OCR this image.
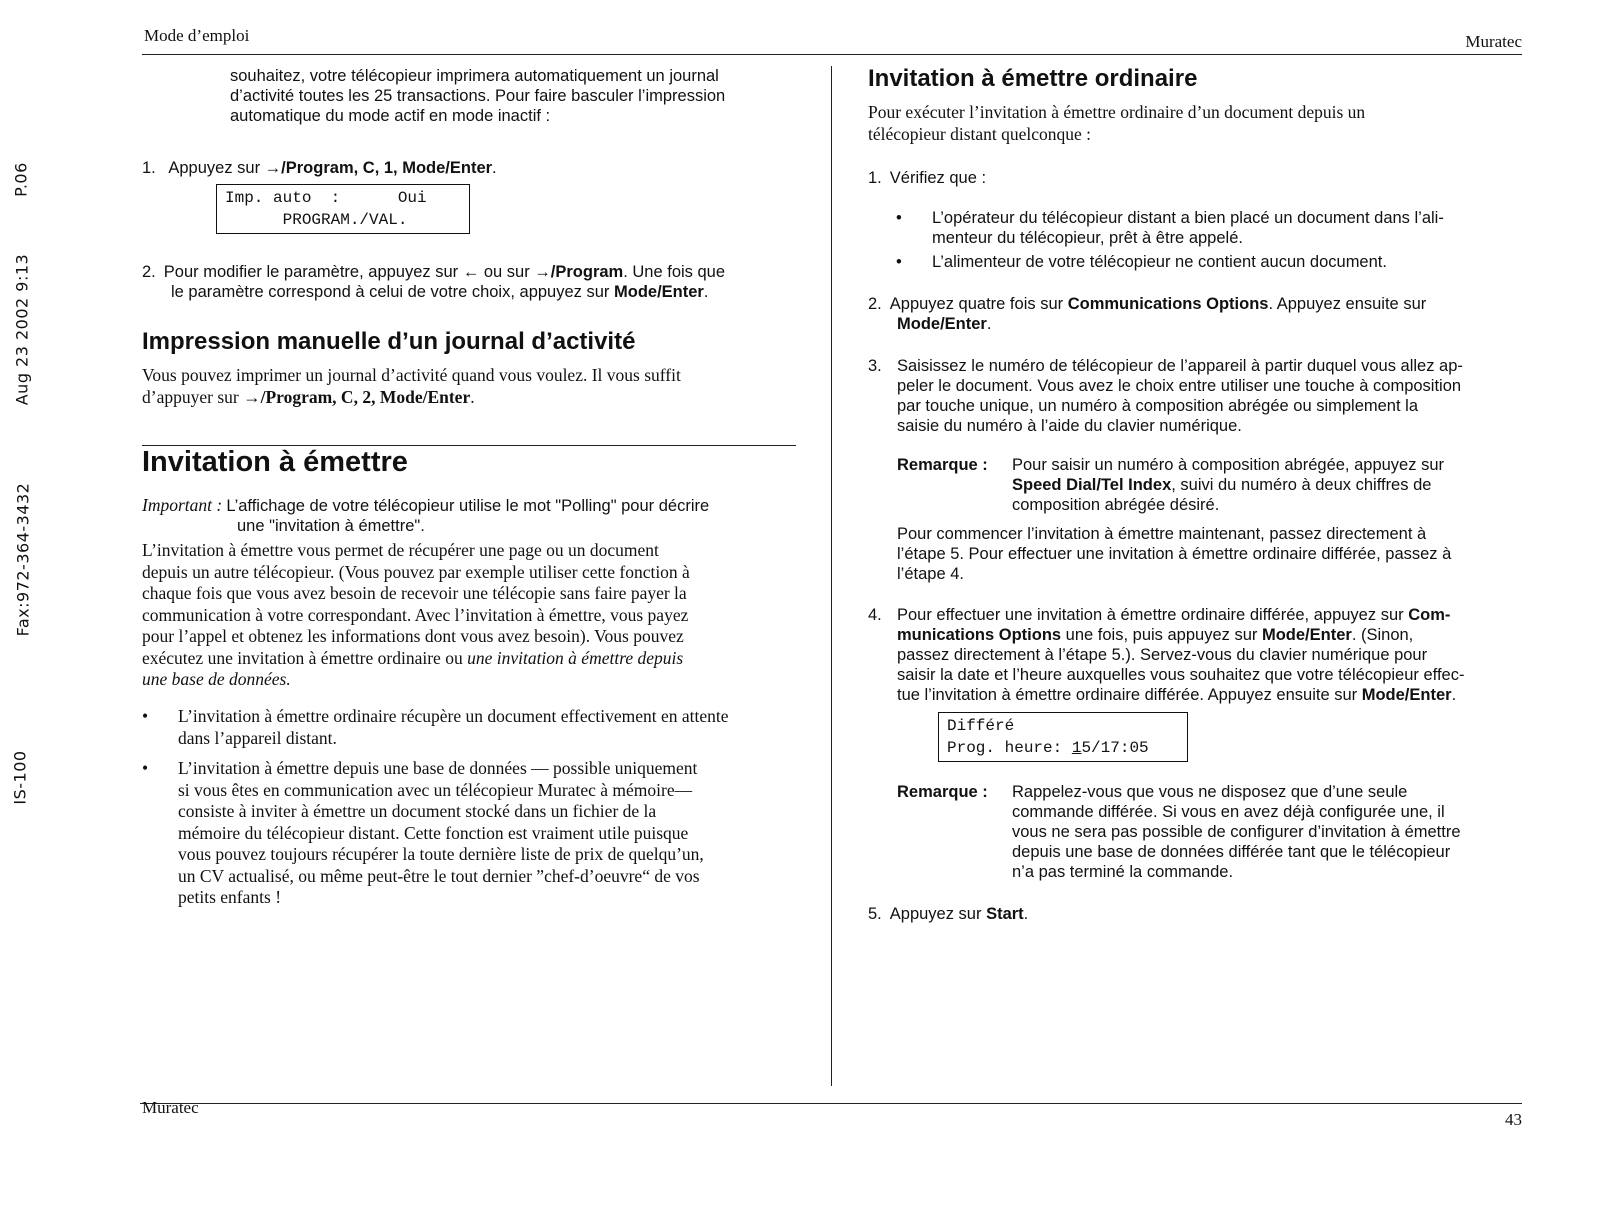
Mode d’emploi	Muratec
Muratec
43
P.06
Aug 23 2002 9:13
Fax:972-364-3432
IS-100
souhaitez, votre télécopieur imprimera automatiquement un journal
d’activité toutes les 25 transactions. Pour faire basculer l’impression
automatique du mode actif en mode inactif :
1. Appuyez sur →/Program, C, 1, Mode/Enter.
Imp. auto  :      Oui
PROGRAM./VAL.
2. Pour modifier le paramètre, appuyez sur ← ou sur →/Program. Une fois que
le paramètre correspond à celui de votre choix, appuyez sur Mode/Enter.
Impression manuelle d’un journal d’activité
Vous pouvez imprimer un journal d’activité quand vous voulez. Il vous suffit
d’appuyer sur →/Program, C, 2, Mode/Enter.
Invitation à émettre
Important : L’affichage de votre télécopieur utilise le mot "Polling" pour décrire
une "invitation à émettre".
L’invitation à émettre vous permet de récupérer une page ou un document
depuis un autre télécopieur. (Vous pouvez par exemple utiliser cette fonction à
chaque fois que vous avez besoin de recevoir une télécopie sans faire payer la
communication à votre correspondant. Avec l’invitation à émettre, vous payez
pour l’appel et obtenez les informations dont vous avez besoin). Vous pouvez
exécutez une invitation à émettre ordinaire ou une invitation à émettre depuis
une base de données.
• L’invitation à émettre ordinaire récupère un document effectivement en attente
dans l’appareil distant.
• L’invitation à émettre depuis une base de données — possible uniquement
si vous êtes en communication avec un télécopieur Muratec à mémoire—
consiste à inviter à émettre un document stocké dans un fichier de la
mémoire du télécopieur distant. Cette fonction est vraiment utile puisque
vous pouvez toujours récupérer la toute dernière liste de prix de quelqu’un,
un CV actualisé, ou même peut-être le tout dernier ”chef-d’oeuvre“ de vos
petits enfants !
Invitation à émettre ordinaire
Pour exécuter l’invitation à émettre ordinaire d’un document depuis un
télécopieur distant quelconque :
1. Vérifiez que :
• L’opérateur du télécopieur distant a bien placé un document dans l’ali-
menteur du télécopieur, prêt à être appelé.
•	L’alimenteur de votre télécopieur ne contient aucun document.
2. Appuyez quatre fois sur Communications Options. Appuyez ensuite sur
Mode/Enter.
3. Saisissez le numéro de télécopieur de l’appareil à partir duquel vous allez ap-
peler le document. Vous avez le choix entre utiliser une touche à composition
par touche unique, un numéro à composition abrégée ou simplement la
saisie du numéro à l’aide du clavier numérique.
Remarque : Pour saisir un numéro à composition abrégée, appuyez sur
Speed Dial/Tel Index, suivi du numéro à deux chiffres de
composition abrégée désiré.
Pour commencer l’invitation à émettre maintenant, passez directement à
l’étape 5. Pour effectuer une invitation à émettre ordinaire différée, passez à
l’étape 4.
4. Pour effectuer une invitation à émettre ordinaire différée, appuyez sur Com-
munications Options une fois, puis appuyez sur Mode/Enter. (Sinon,
passez directement à l’étape 5.). Servez-vous du clavier numérique pour
saisir la date et l’heure auxquelles vous souhaitez que votre télécopieur effec-
tue l’invitation à émettre ordinaire différée. Appuyez ensuite sur Mode/Enter.
Différé
Prog. heure: 15/17:05
Remarque : Rappelez-vous que vous ne disposez que d’une seule
commande différée. Si vous en avez déjà configurée une, il
vous ne sera pas possible de configurer d’invitation à émettre
depuis une base de données différée tant que le télécopieur
n’a pas terminé la commande.
5. Appuyez sur Start.
